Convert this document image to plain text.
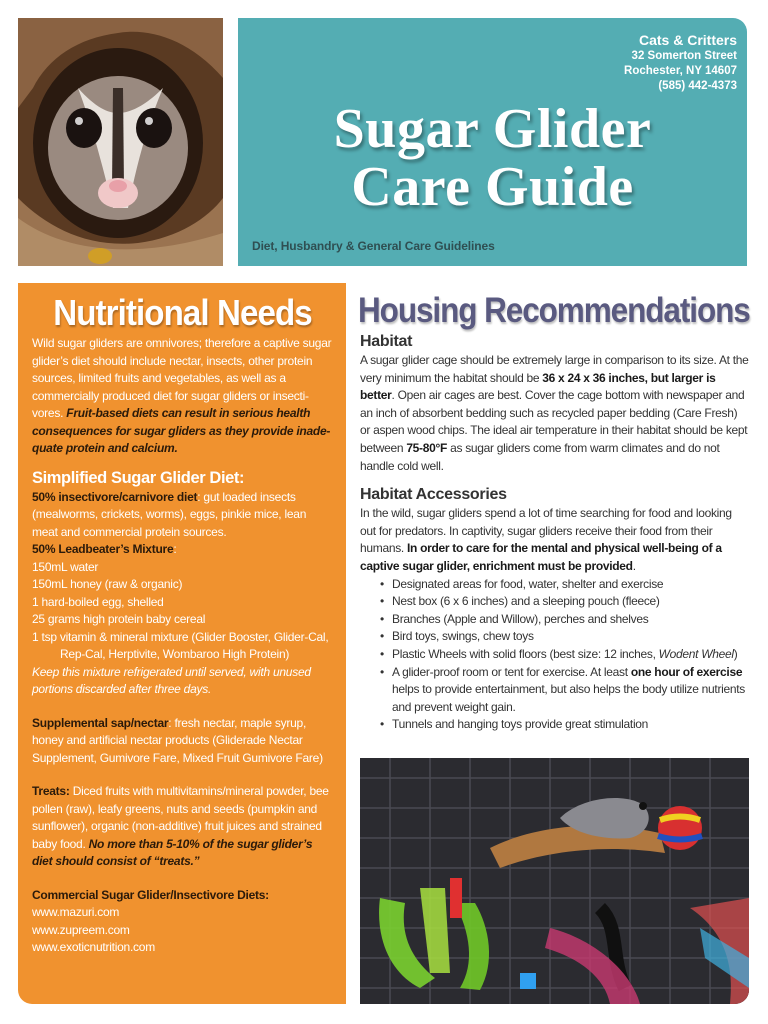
Cats & Critters
32 Somerton Street
Rochester, NY 14607
(585) 442-4373
Sugar Glider
Care Guide
Diet, Husbandry & General Care Guidelines
Nutritional Needs

Wild sugar gliders are omnivores; therefore a captive sugar glider’s diet should include nectar, insects, other protein sources, limited fruits and vegetables, as well as a commercially produced diet for sugar gliders or insecti-vores. Fruit-based diets can result in serious health consequences for sugar gliders as they provide inade-quate protein and calcium.

Simplified Sugar Glider Diet:

50% insectivore/carnivore diet: gut loaded insects (mealworms, crickets, worms), eggs, pinkie mice, lean meat and commercial protein sources.

50% Leadbeater’s Mixture:

150mL water

150mL honey (raw & organic)

1 hard-boiled egg, shelled

25 grams high protein baby cereal

1 tsp vitamin & mineral mixture (Glider Booster, Glider-Cal,

Rep-Cal, Herptivite, Wombaroo High Protein)

Keep this mixture refrigerated until served, with unused portions discarded after three days.

Supplemental sap/nectar: fresh nectar, maple syrup, honey and artificial nectar products (Gliderade Nectar Supplement, Gumivore Fare, Mixed Fruit Gumivore Fare)

Treats: Diced fruits with multivitamins/mineral powder, bee pollen (raw), leafy greens, nuts and seeds (pumpkin and sunflower), organic (non-additive) fruit juices and strained baby food. No more than 5-10% of the sugar glider’s diet should consist of “treats.”

Commercial Sugar Glider/Insectivore Diets:

www.mazuri.com
www.zupreem.com
www.exoticnutrition.com

Housing Recommendations
Habitat

A sugar glider cage should be extremely large in comparison to its size. At the very minimum the habitat should be 36 x 24 x 36 inches, but larger is better. Open air cages are best. Cover the cage bottom with newspaper and an inch of absorbent bedding such as recycled paper bedding (Care Fresh) or aspen wood chips. The ideal air temperature in their habitat should be kept between 75-80°F as sugar gliders come from warm climates and do not handle cold well.

Habitat Accessories

In the wild, sugar gliders spend a lot of time searching for food and looking out for predators. In captivity, sugar gliders receive their food from their humans. In order to care for the mental and physical well-being of a captive sugar glider, enrichment must be provided.

• Designated areas for food, water, shelter and exercise
• Nest box (6 x 6 inches) and a sleeping pouch (fleece)
• Branches (Apple and Willow), perches and shelves
• Bird toys, swings, chew toys
• Plastic Wheels with solid floors (best size: 12 inches, Wodent Wheel)
• A glider-proof room or tent for exercise. At least one hour of exercise
helps to provide entertainment, but also helps the body utilize nutrients and prevent weight gain.
• Tunnels and hanging toys provide great stimulation
